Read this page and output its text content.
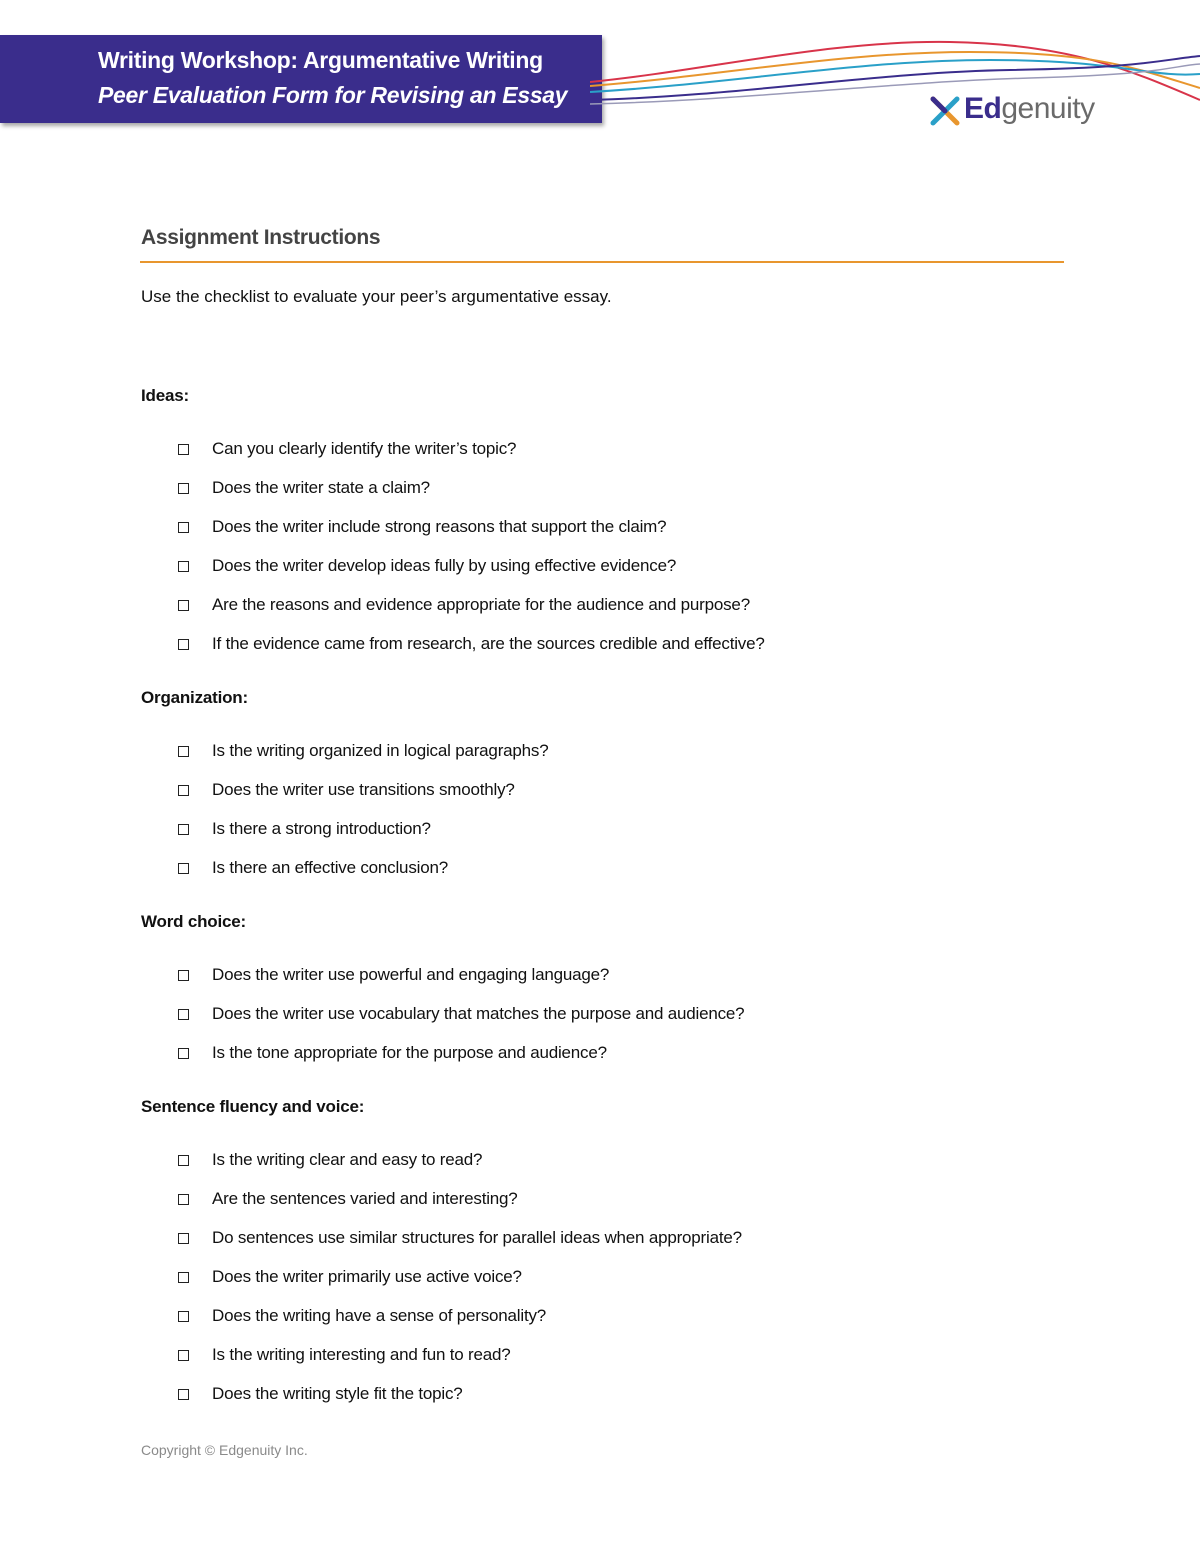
Writing Workshop: Argumentative Writing
Peer Evaluation Form for Revising an Essay	Edgenuity
Assignment Instructions
Use the checklist to evaluate your peer’s argumentative essay.
Ideas:
Can you clearly identify the writer’s topic?
Does the writer state a claim?
Does the writer include strong reasons that support the claim?
Does the writer develop ideas fully by using effective evidence?
Are the reasons and evidence appropriate for the audience and purpose?
If the evidence came from research, are the sources credible and effective?
Organization:
Is the writing organized in logical paragraphs?
Does the writer use transitions smoothly?
Is there a strong introduction?
Is there an effective conclusion?
Word choice:
Does the writer use powerful and engaging language?
Does the writer use vocabulary that matches the purpose and audience?
Is the tone appropriate for the purpose and audience?
Sentence fluency and voice:
Is the writing clear and easy to read?
Are the sentences varied and interesting?
Do sentences use similar structures for parallel ideas when appropriate?
Does the writer primarily use active voice?
Does the writing have a sense of personality?
Is the writing interesting and fun to read?
Does the writing style fit the topic?
Copyright © Edgenuity Inc.
